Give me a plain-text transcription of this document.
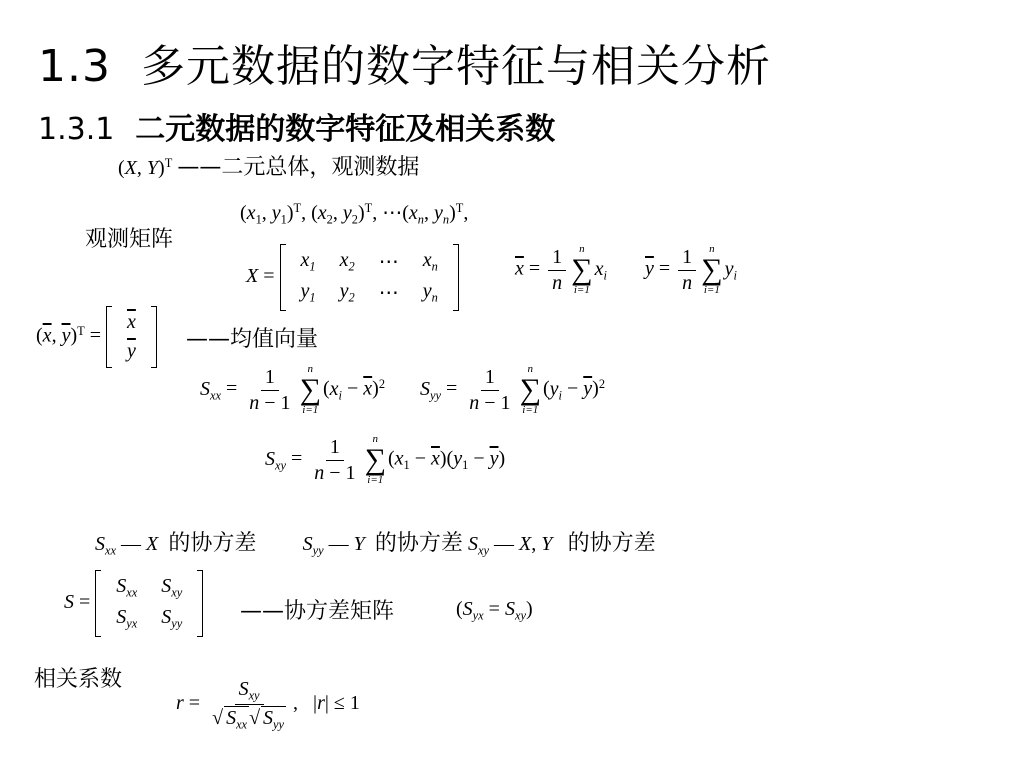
1.3 多元数据的数字特征与相关分析
1.3.1 二元数据的数字特征及相关系数
(X, Y)$^T$ ——二元总体，观测数据
($x_1$, $y_1)^T$, ($x_2$, $y_2)^T$, $\cdots(x_n$, $y_n)^T$,
观测矩阵
X =
$x_1$	$x_2$	⋯	$x_n$
$y_1$	$y_2$	⋯	$y_n$
$\overline{x} = \frac{1}{n}$ n
∑
i=1
$x_i$ $\overline{y} = \frac{1}{n}$ n
∑
i=1
$y_i$
($\overline{x}$, $\overline{y})^T$ =
$\overline{x}$
$\overline{y}$ ——均值向量
$S_{xx} = \frac{1}{n - 1}$ n
∑
i=1
$(x_i - \overline{x})^2$ $S_{yy} = \frac{1}{n - 1}$ n
∑
i=1
$(y_i - \overline{y})^2$
$S_{xy} = \frac{1}{n - 1}$ n
∑
i=1
$(x_1 - \overline{x})(y_1 - \overline{y})$
$S_{xx}$ — X 的协方差 $S_{yy}$ — Y 的协方差 $S_{xy}$ — X, Y 的协方差
S =
$S_{xx}$	$S_{xy}$
$S_{yx}$	$S_{yy}$	——协方差矩阵	$(S_{yx} = S_{xy})$
相关系数
$r = \frac{S_{xy}}{√ S_{xx} √ S_{yy}}$ ,   |r| ≤ 1
